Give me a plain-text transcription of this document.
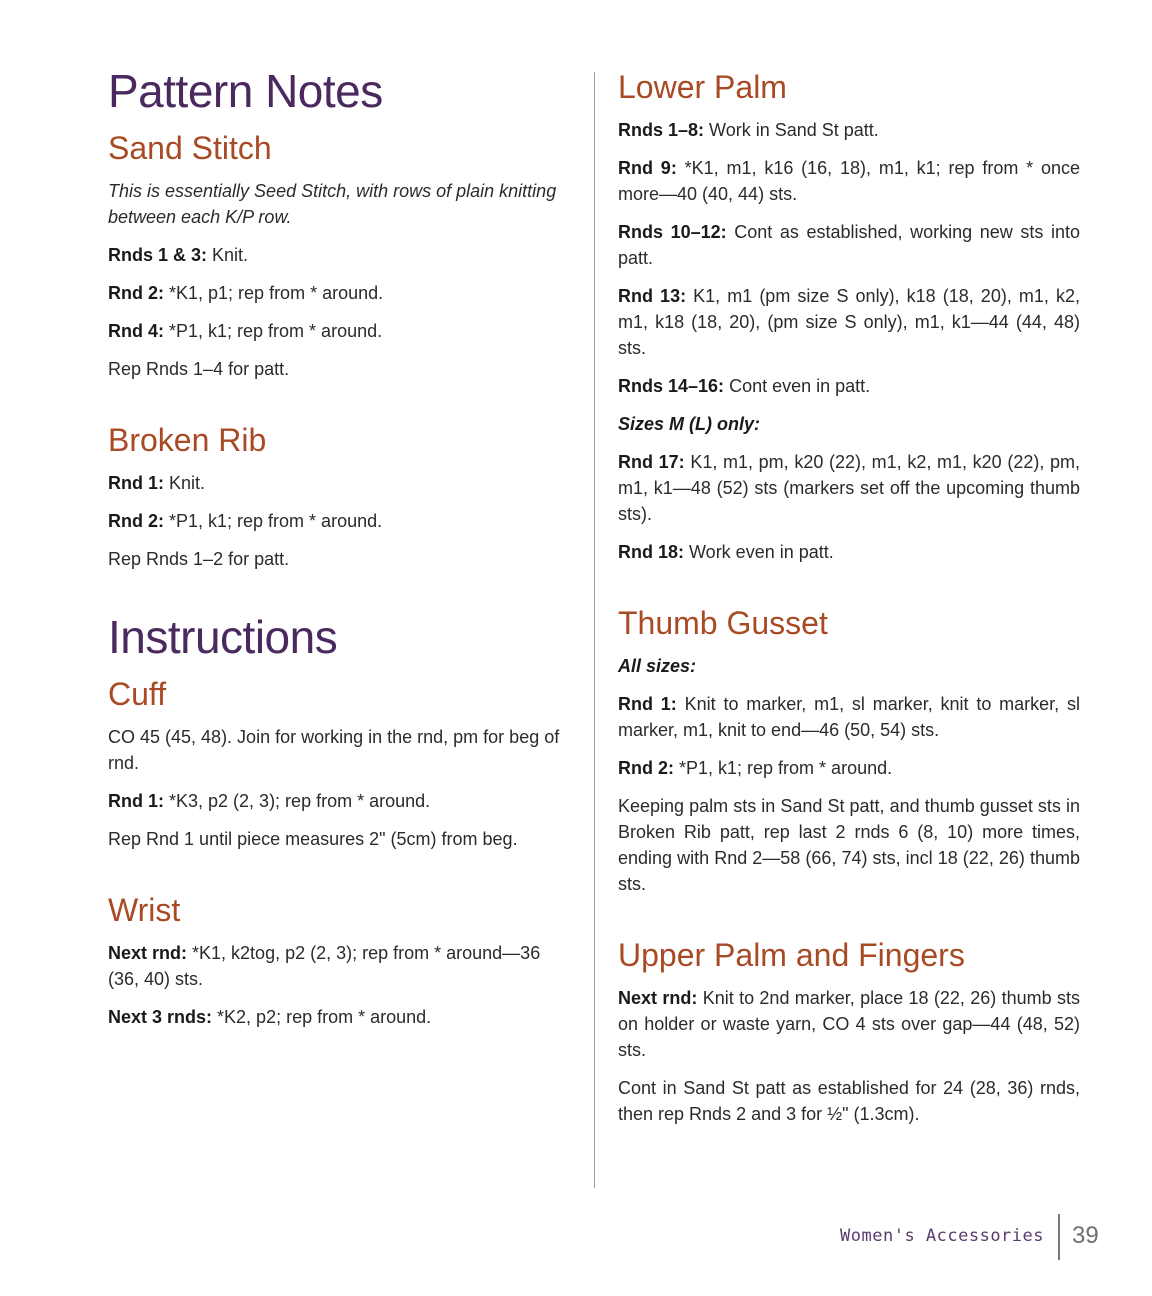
Pattern Notes
Sand Stitch

This is essentially Seed Stitch, with rows of plain knitting between each K/P row.

Rnds 1 & 3: Knit.

Rnd 2: *K1, p1; rep from * around.

Rnd 4: *P1, k1; rep from * around.

Rep Rnds 1–4 for patt.

Broken Rib

Rnd 1: Knit.

Rnd 2: *P1, k1; rep from * around.

Rep Rnds 1–2 for patt.

Instructions
Cuff

CO 45 (45, 48). Join for working in the rnd, pm for beg of rnd.

Rnd 1: *K3, p2 (2, 3); rep from * around.

Rep Rnd 1 until piece measures 2" (5cm) from beg.

Wrist

Next rnd: *K1, k2tog, p2 (2, 3); rep from * around—36 (36, 40) sts.

Next 3 rnds: *K2, p2; rep from * around.

Lower Palm

Rnds 1–8: Work in Sand St patt.

Rnd 9: *K1, m1, k16 (16, 18), m1, k1; rep from * once more—40 (40, 44) sts.

Rnds 10–12: Cont as established, working new sts into patt.

Rnd 13: K1, m1 (pm size S only), k18 (18, 20), m1, k2, m1, k18 (18, 20), (pm size S only), m1, k1—44 (44, 48) sts.

Rnds 14–16: Cont even in patt.

Sizes M (L) only:

Rnd 17: K1, m1, pm, k20 (22), m1, k2, m1, k20 (22), pm, m1, k1—48 (52) sts (markers set off the upcoming thumb sts).

Rnd 18: Work even in patt.

Thumb Gusset

All sizes:

Rnd 1: Knit to marker, m1, sl marker, knit to marker, sl marker, m1, knit to end—46 (50, 54) sts.

Rnd 2: *P1, k1; rep from * around.

Keeping palm sts in Sand St patt, and thumb gusset sts in Broken Rib patt, rep last 2 rnds 6 (8, 10) more times, ending with Rnd 2—58 (66, 74) sts, incl 18 (22, 26) thumb sts.

Upper Palm and Fingers

Next rnd: Knit to 2nd marker, place 18 (22, 26) thumb sts on holder or waste yarn, CO 4 sts over gap—44 (48, 52) sts.

Cont in Sand St patt as established for 24 (28, 36) rnds, then rep Rnds 2 and 3 for ½" (1.3cm).

Women's Accessories 39
